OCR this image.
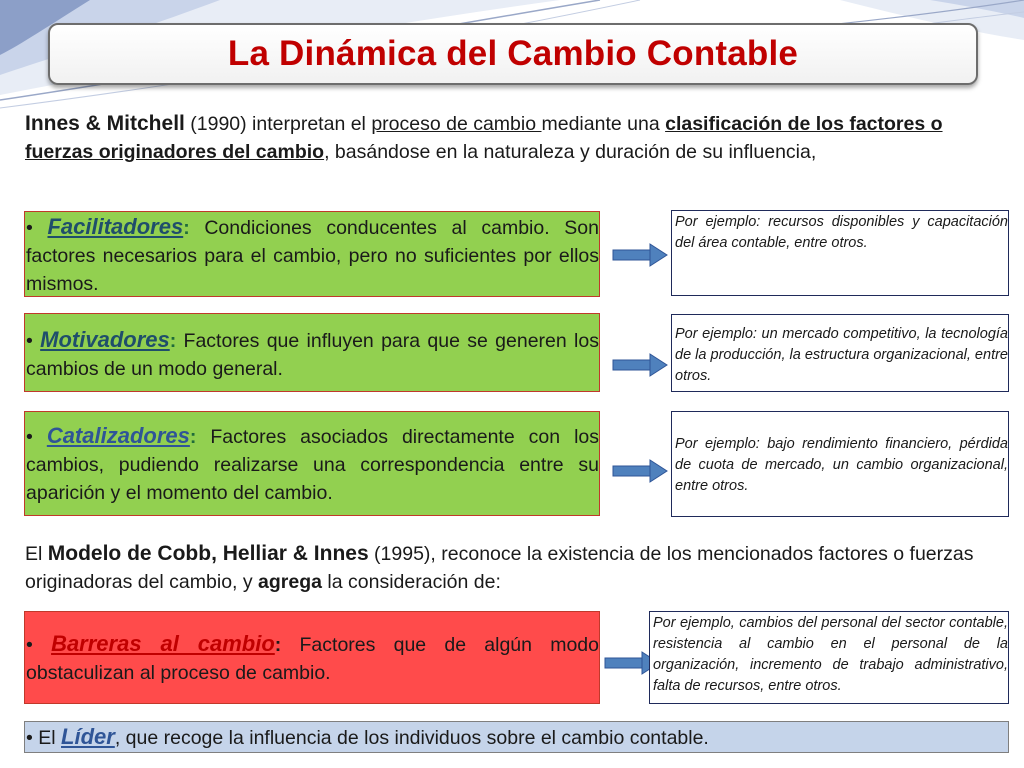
La Dinámica del Cambio Contable
Innes & Mitchell (1990) interpretan el proceso de cambio mediante una clasificación de los factores o fuerzas originadores del cambio, basándose en la naturaleza y duración de su influencia,
• Facilitadores: Condiciones conducentes al cambio. Son factores necesarios para el cambio, pero no suficientes por ellos mismos.
Por ejemplo: recursos disponibles y capacitación del área contable, entre otros.
• Motivadores: Factores que influyen para que se generen los cambios de un modo general.
Por ejemplo: un mercado competitivo, la tecnología de la producción, la estructura organizacional, entre otros.
• Catalizadores: Factores asociados directamente con los cambios, pudiendo realizarse una correspondencia entre su aparición y el momento del cambio.
Por ejemplo: bajo rendimiento financiero, pérdida de cuota de mercado, un cambio organizacional, entre otros.
El Modelo de Cobb, Helliar & Innes (1995), reconoce la existencia de los mencionados factores o fuerzas originadoras del cambio, y agrega la consideración de:
• Barreras al cambio: Factores que de algún modo obstaculizan al proceso de cambio.
Por ejemplo, cambios del personal del sector contable, resistencia al cambio en el personal de la organización, incremento de trabajo administrativo, falta de recursos, entre otros.
• El Líder, que recoge la influencia de los individuos sobre el cambio contable.
